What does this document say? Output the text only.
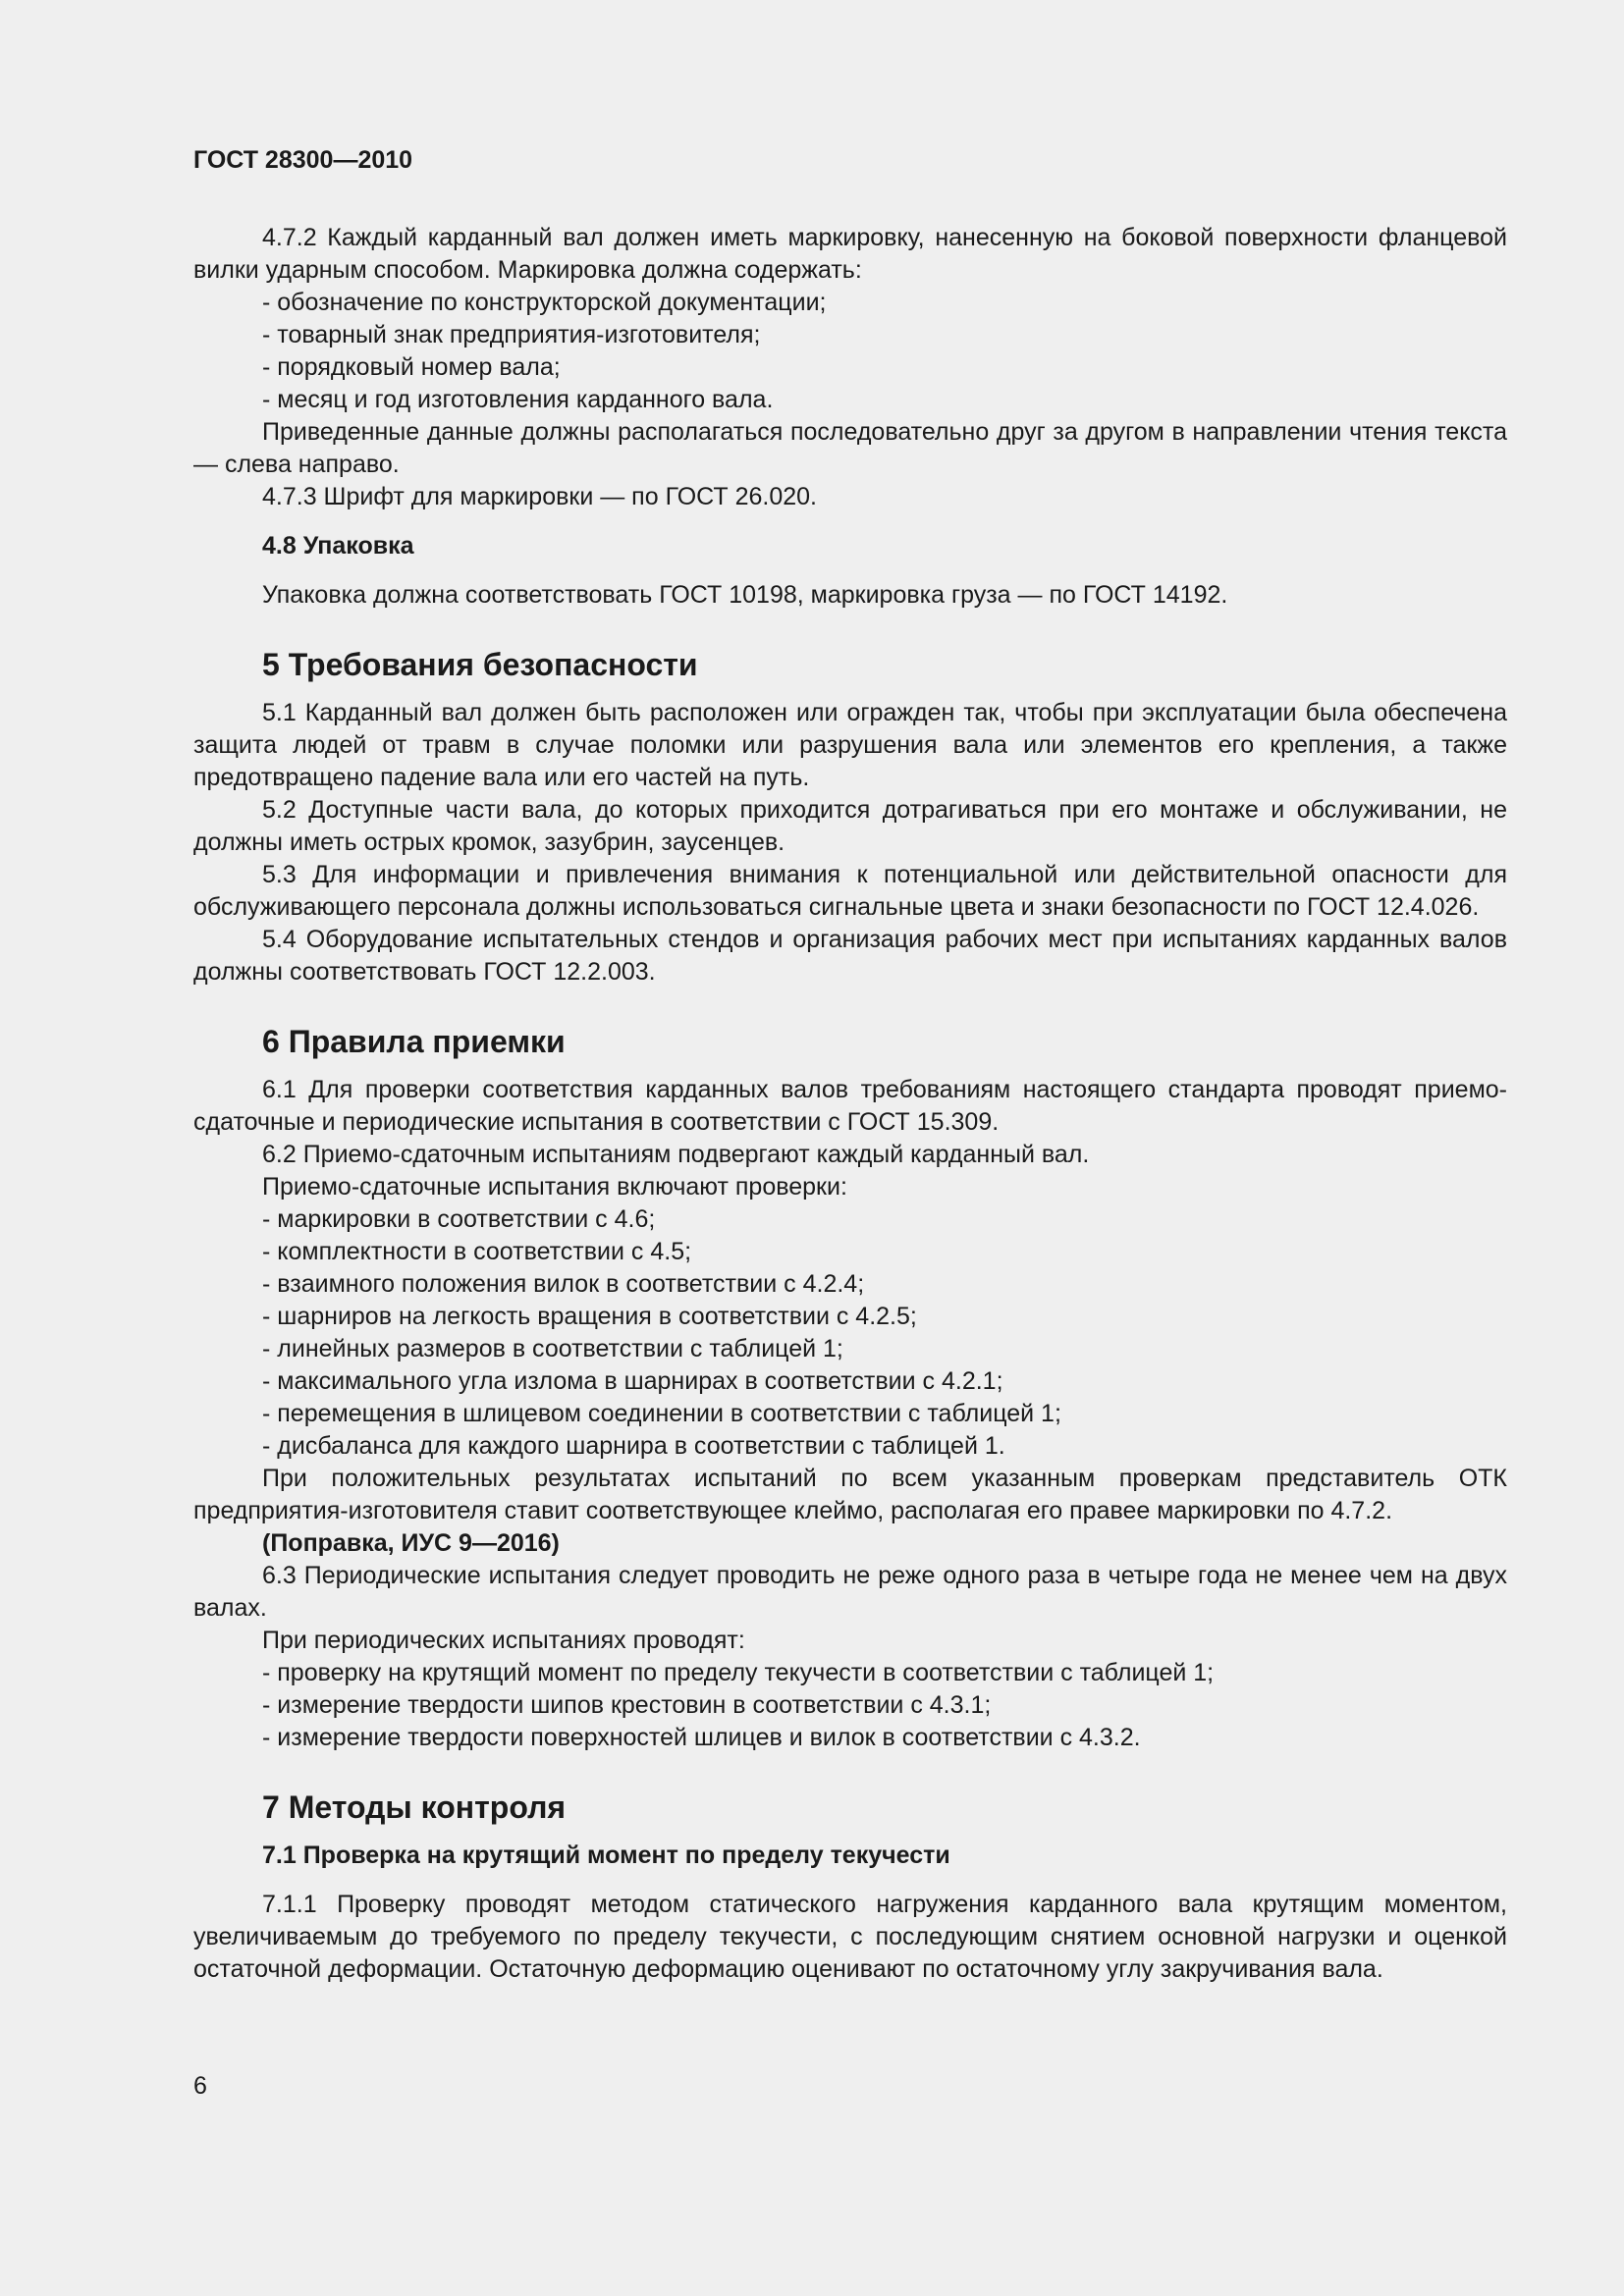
ГОСТ 28300—2010

4.7.2 Каждый карданный вал должен иметь маркировку, нанесенную на боковой поверхности фланцевой вилки ударным способом. Маркировка должна содержать:

- обозначение по конструкторской документации;

- товарный знак предприятия-изготовителя;

- порядковый номер вала;

- месяц и год изготовления карданного вала.

Приведенные данные должны располагаться последовательно друг за другом в направлении чтения текста — слева направо.

4.7.3 Шрифт для маркировки — по ГОСТ 26.020.

4.8 Упаковка

Упаковка должна соответствовать ГОСТ 10198, маркировка груза — по ГОСТ 14192.

5 Требования безопасности

5.1 Карданный вал должен быть расположен или огражден так, чтобы при эксплуатации была обеспечена защита людей от травм в случае поломки или разрушения вала или элементов его крепления, а также предотвращено падение вала или его частей на путь.

5.2 Доступные части вала, до которых приходится дотрагиваться при его монтаже и обслуживании, не должны иметь острых кромок, зазубрин, заусенцев.

5.3 Для информации и привлечения внимания к потенциальной или действительной опасности для обслуживающего персонала должны использоваться сигнальные цвета и знаки безопасности по ГОСТ 12.4.026.

5.4 Оборудование испытательных стендов и организация рабочих мест при испытаниях карданных валов должны соответствовать ГОСТ 12.2.003.

6 Правила приемки

6.1 Для проверки соответствия карданных валов требованиям настоящего стандарта проводят приемо-сдаточные и периодические испытания в соответствии с ГОСТ 15.309.

6.2 Приемо-сдаточным испытаниям подвергают каждый карданный вал.

Приемо-сдаточные испытания включают проверки:

- маркировки в соответствии с 4.6;

- комплектности в соответствии с 4.5;

- взаимного положения вилок в соответствии с 4.2.4;

- шарниров на легкость вращения в соответствии с 4.2.5;

- линейных размеров в соответствии с таблицей 1;

- максимального угла излома в шарнирах в соответствии с 4.2.1;

- перемещения в шлицевом соединении в соответствии с таблицей 1;

- дисбаланса для каждого шарнира в соответствии с таблицей 1.

При положительных результатах испытаний по всем указанным проверкам представитель ОТК предприятия-изготовителя ставит соответствующее клеймо, располагая его правее маркировки по 4.7.2.

(Поправка, ИУС 9—2016)

6.3 Периодические испытания следует проводить не реже одного раза в четыре года не менее чем на двух валах.

При периодических испытаниях проводят:

- проверку на крутящий момент по пределу текучести в соответствии с таблицей 1;

- измерение твердости шипов крестовин в соответствии с 4.3.1;

- измерение твердости поверхностей шлицев и вилок в соответствии с 4.3.2.

7 Методы контроля
7.1 Проверка на крутящий момент по пределу текучести

7.1.1 Проверку проводят методом статического нагружения карданного вала крутящим моментом, увеличиваемым до требуемого по пределу текучести, с последующим снятием основной нагрузки и оценкой остаточной деформации. Остаточную деформацию оценивают по остаточному углу закручивания вала.

6
